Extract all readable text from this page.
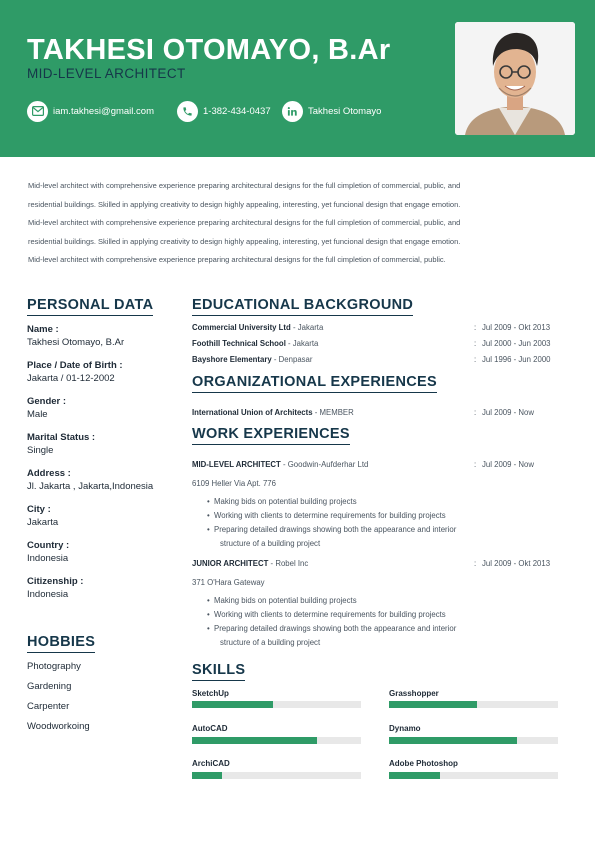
TAKHESI OTOMAYO, B.Ar
MID-LEVEL ARCHITECT
iam.takhesi@gmail.com	1-382-434-0437	Takhesi Otomayo

Mid-level architect with comprehensive experience preparing architectural designs for the full cimpletion of commercial, public, and

residential buildings. Skilled in applying creativity to design highly appealing, interesting, yet funcional design that engage emotion.

Mid-level architect with comprehensive experience preparing architectural designs for the full cimpletion of commercial, public, and

residential buildings. Skilled in applying creativity to design highly appealing, interesting, yet funcional design that engage emotion.

Mid-level architect with comprehensive experience preparing architectural designs for the full cimpletion of commercial, public.

PERSONAL DATA
Name :
Takhesi Otomayo, B.Ar
Place / Date of Birth :
Jakarta / 01-12-2002
Gender :
Male
Marital Status :
Single
Address :
Jl. Jakarta , Jakarta,Indonesia
City :
Jakarta
Country :
Indonesia
Citizenship :
Indonesia
HOBBIES
Photography
Gardening
Carpenter
Woodworkoing
EDUCATIONAL BACKGROUND
Commercial University Ltd - Jakarta	: Jul 2009 - Okt 2013
Foothill Technical School - Jakarta	: Jul 2000 - Jun 2003
Bayshore Elementary - Denpasar	: Jul 1996 - Jun 2000
ORGANIZATIONAL EXPERIENCES
International Union of Architects - MEMBER	: Jul 2009 - Now
WORK EXPERIENCES
MID-LEVEL ARCHITECT - Goodwin-Aufderhar Ltd	: Jul 2009 - Now
6109 Heller Via Apt. 776
• Making bids on potential building projects
• Working with clients to determine requirements for building projects
• Preparing detailed drawings showing both the appearance and interior
structure of a building project
JUNIOR ARCHITECT - Robel Inc	: Jul 2009 - Okt 2013
371 O'Hara Gateway
• Making bids on potential building projects
• Working with clients to determine requirements for building projects
• Preparing detailed drawings showing both the appearance and interior
structure of a building project
SKILLS
SketchUp	Grasshopper
AutoCAD	Dynamo
ArchiCAD	Adobe Photoshop
